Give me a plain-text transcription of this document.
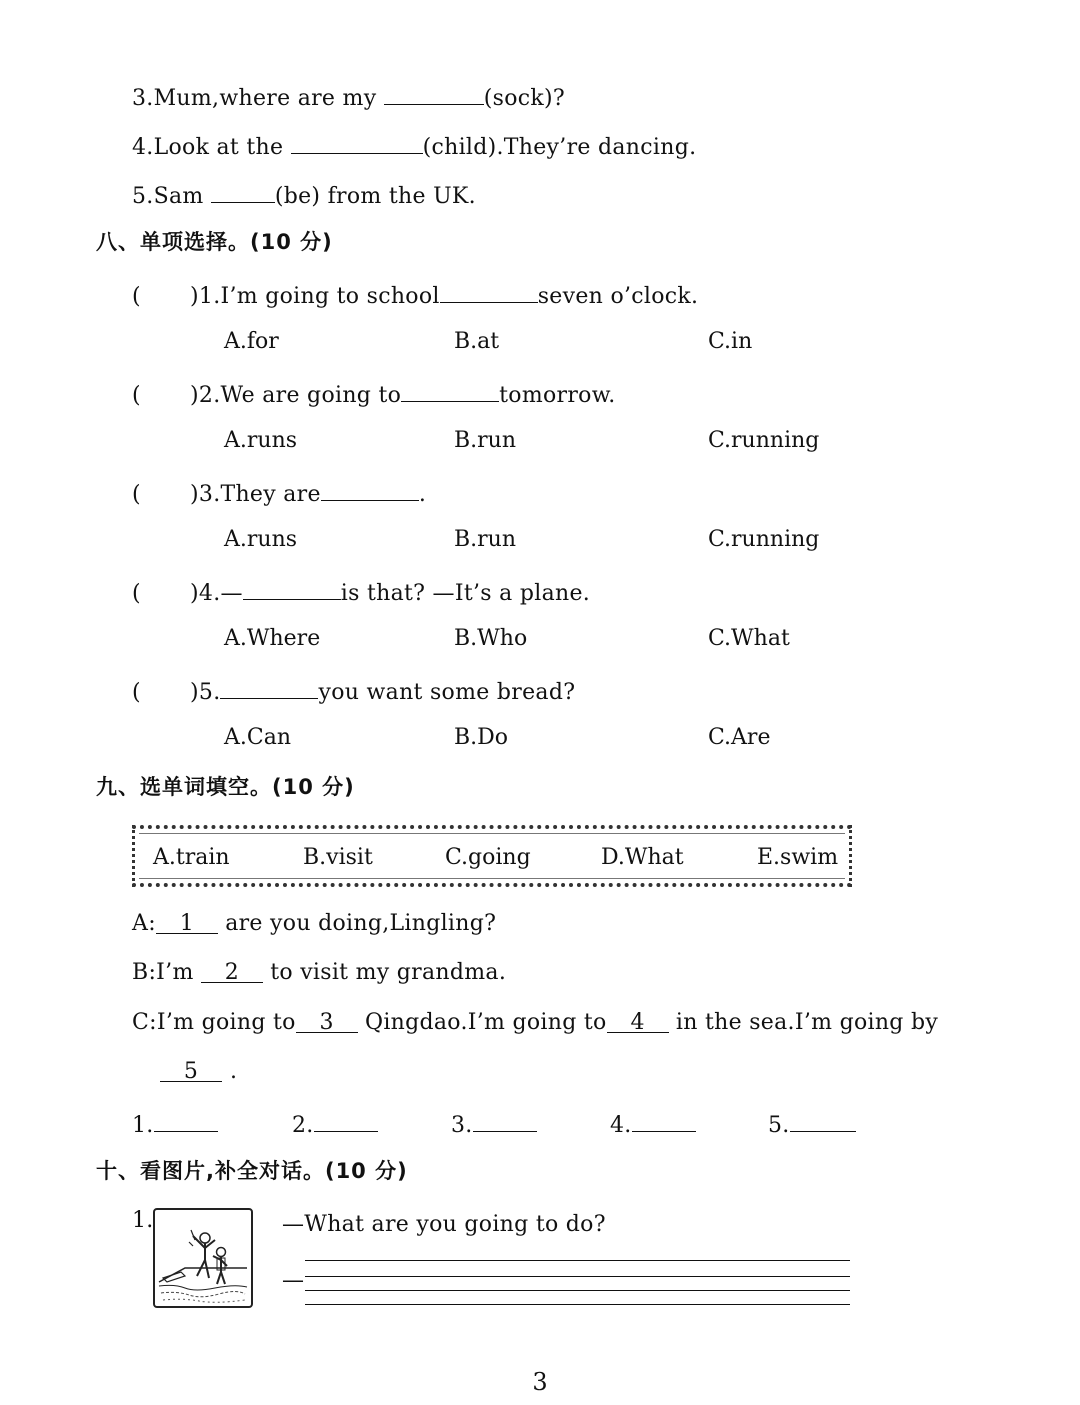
3.Mum,where are my	(sock)?
4.Look at the	(child).They’re dancing.
5.Sam	(be) from the UK.
八、单项选择。(10 分)
( )1.I’m going to school	seven o’clock.
A.for	B.at	C.in
( )2.We are going to	tomorrow.
A.runs	B.run	C.running
( )3.They are	.
A.runs	B.run	C.running
( )4.—	is that? —It’s a plane.
A.Where	B.Who	C.What
( )5.	you want some bread?
A.Can	B.Do	C.Are
九、选单词填空。(10 分)
A.train	B.visit	C.going	D.What	E.swim
A: 1 are you doing,Lingling?
B:I’m 2 to visit my grandma.
C:I’m going to 3 Qingdao.I’m going to 4 in the sea.I’m going by
5 .
1.	2.	3.	4.	5.
十、看图片,补全对话。(10 分)
1.	—What are you going to do?
—
3
